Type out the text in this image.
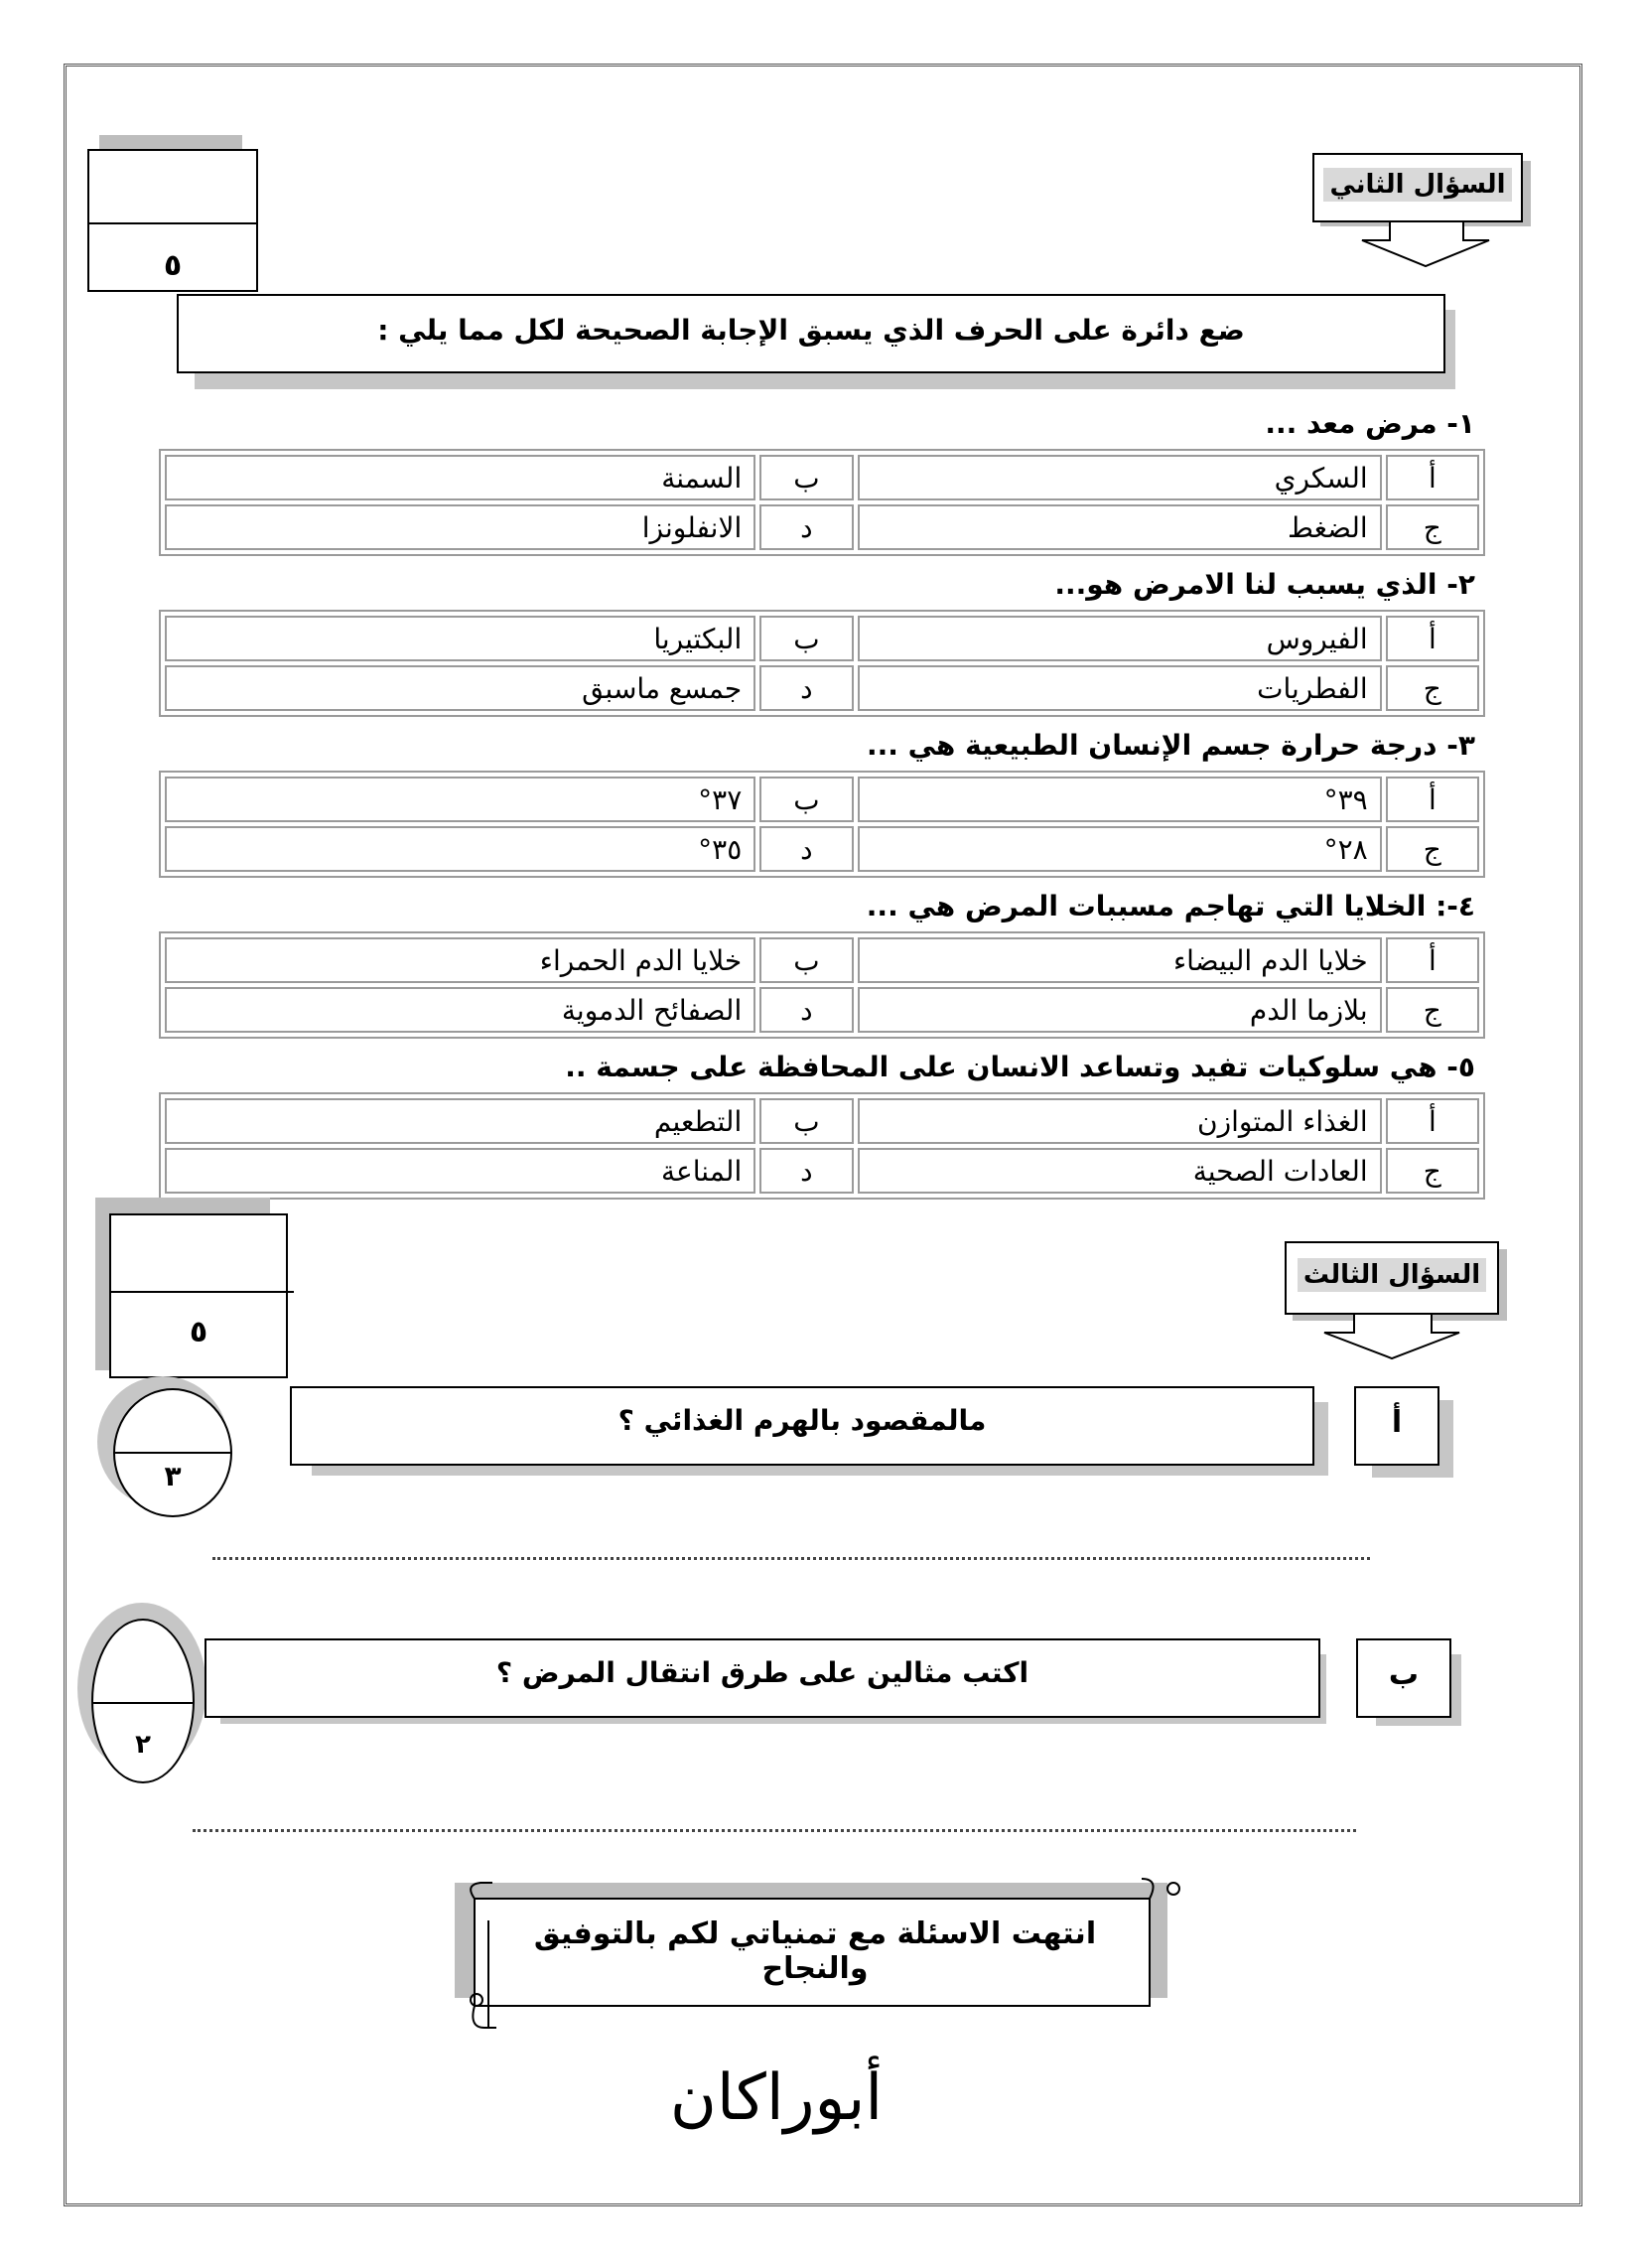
٥
السؤال الثاني
ضع دائرة على الحرف الذي يسبق الإجابة الصحيحة لكل مما يلي :
١- مرض معد ...
أ	السكري	ب	السمنة
ج	الضغط	د	الانفلونزا
٢- الذي يسبب لنا الامرض هو...
أ	الفيروس	ب	البكتيريا
ج	الفطريات	د	جمسع ماسبق
٣- درجة حرارة جسم الإنسان الطبيعية هي ...
أ	٣٩°	ب	٣٧°
ج	٢٨°	د	٣٥°
٤-: الخلايا التي تهاجم مسببات المرض هي ...
أ	خلايا الدم البيضاء	ب	خلايا الدم الحمراء
ج	بلازما الدم	د	الصفائح الدموية
٥- هي سلوكيات تفيد وتساعد الانسان على المحافظة على جسمة ..
أ	الغذاء المتوازن	ب	التطعيم
ج	العادات الصحية	د	المناعة
٥
السؤال الثالث
٣
مالمقصود بالهرم الغذائي ؟	أ
٢
اكتب مثالين على طرق انتقال المرض ؟	ب
انتهت الاسئلة مع تمنياتي لكم بالتوفيق والنجاح
أبوراكان
